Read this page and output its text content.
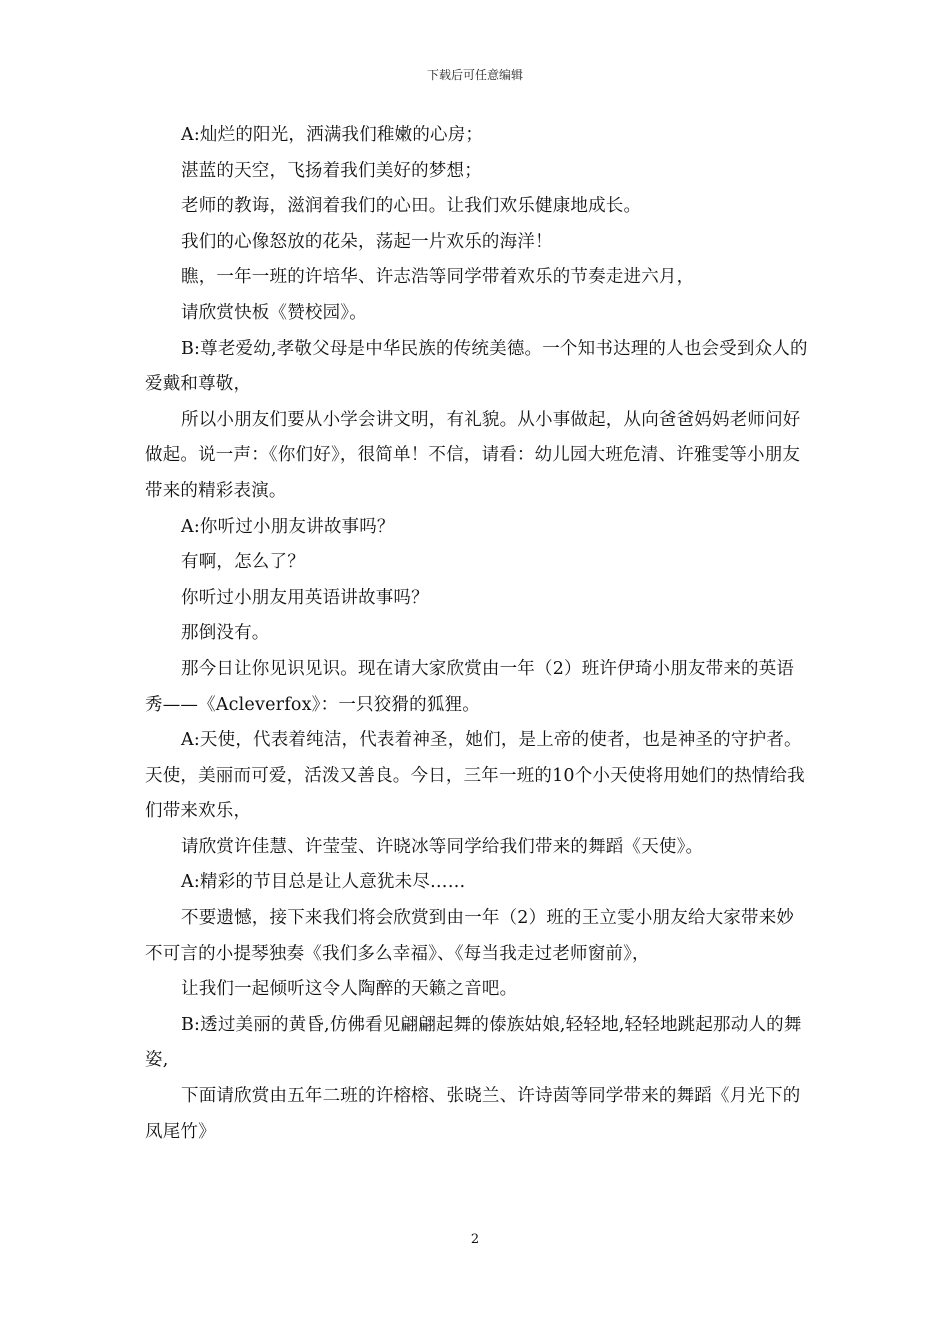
下载后可任意编辑

A:灿烂的阳光，洒满我们稚嫩的心房；

湛蓝的天空，飞扬着我们美好的梦想；

老师的教诲，滋润着我们的心田。让我们欢乐健康地成长。

我们的心像怒放的花朵，荡起一片欢乐的海洋！

瞧，一年一班的许培华、许志浩等同学带着欢乐的节奏走进六月，

请欣赏快板《赞校园》。

B:尊老爱幼,孝敬父母是中华民族的传统美德。一个知书达理的人也会受到众人的爱戴和尊敬，

所以小朋友们要从小学会讲文明，有礼貌。从小事做起，从向爸爸妈妈老师问好做起。说一声：《你们好》，很简单！不信，请看：幼儿园大班危清、许雅雯等小朋友带来的精彩表演。

A:你听过小朋友讲故事吗？

有啊，怎么了？

你听过小朋友用英语讲故事吗？

那倒没有。

那今日让你见识见识。现在请大家欣赏由一年（2）班许伊琦小朋友带来的英语秀——《Acleverfox》：一只狡猾的狐狸。

A:天使，代表着纯洁，代表着神圣，她们，是上帝的使者，也是神圣的守护者。天使，美丽而可爱，活泼又善良。今日，三年一班的10个小天使将用她们的热情给我们带来欢乐，

请欣赏许佳慧、许莹莹、许晓冰等同学给我们带来的舞蹈《天使》。

A:精彩的节目总是让人意犹未尽……

不要遗憾，接下来我们将会欣赏到由一年（2）班的王立雯小朋友给大家带来妙不可言的小提琴独奏《我们多么幸福》、《每当我走过老师窗前》，

让我们一起倾听这令人陶醉的天籁之音吧。

B:透过美丽的黄昏,仿佛看见翩翩起舞的傣族姑娘,轻轻地,轻轻地跳起那动人的舞姿,

下面请欣赏由五年二班的许榕榕、张晓兰、许诗茵等同学带来的舞蹈《月光下的凤尾竹》

2
